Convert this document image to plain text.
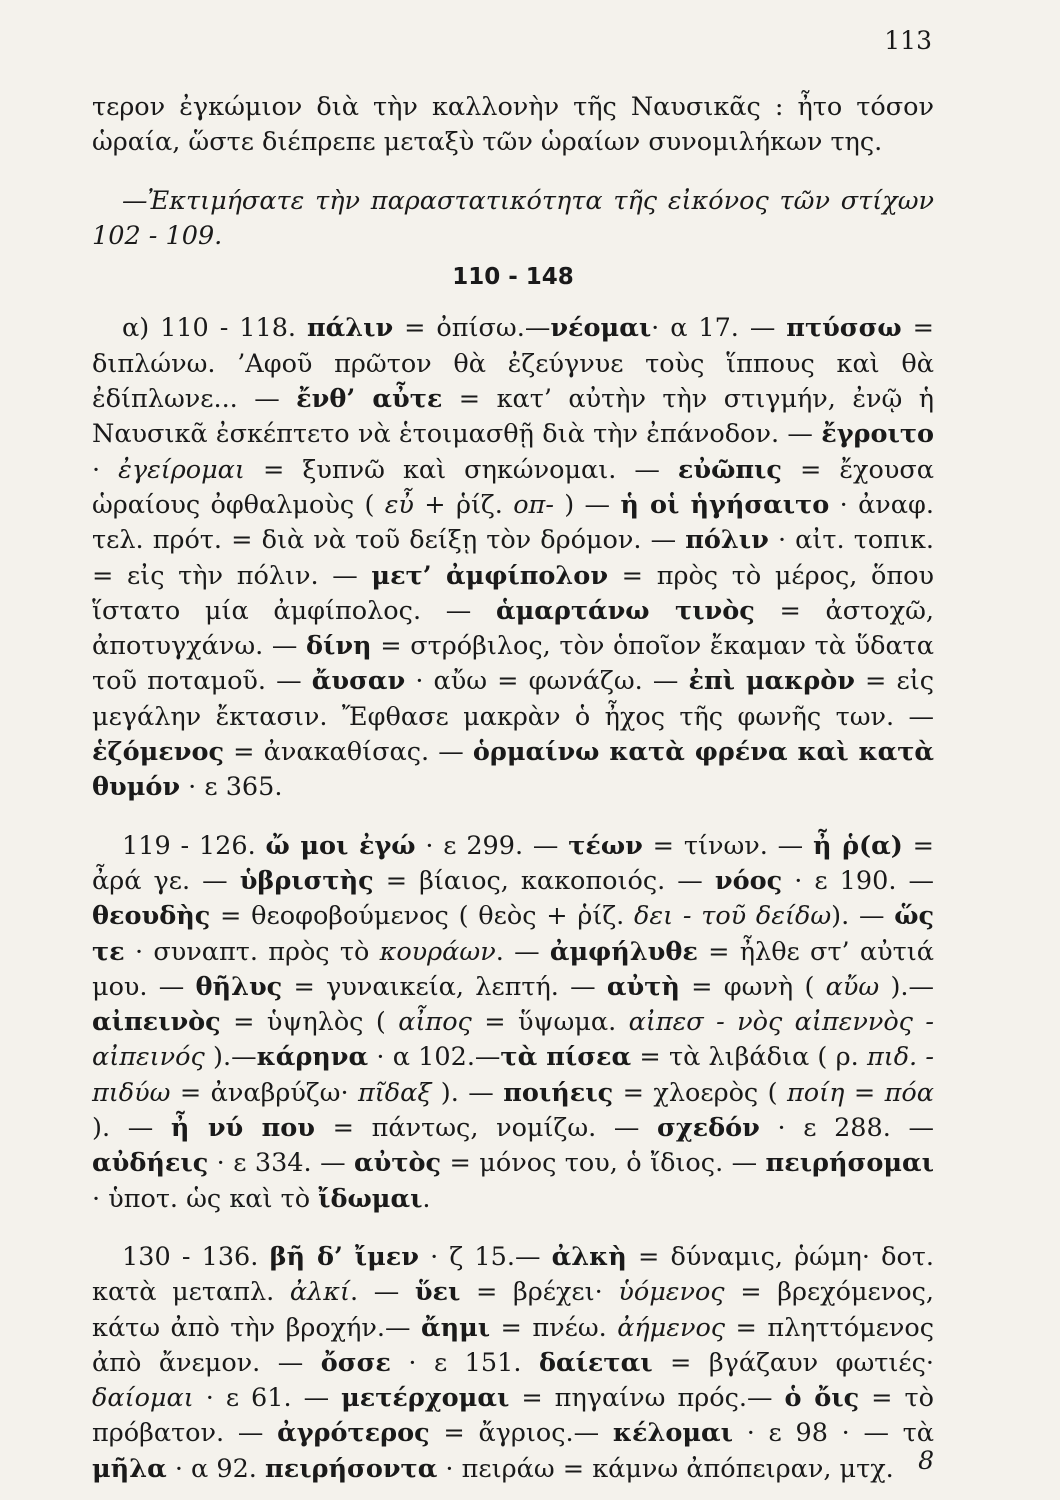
113

τερον ἐγκώμιον διὰ τὴν καλλονὴν τῆς Ναυσικᾶς : ἦτο τόσον ὡραία, ὥστε διέπρεπε μεταξὺ τῶν ὡραίων συνομιλήκων της.

—Ἐκτιμήσατε τὴν παραστατικότητα τῆς εἰκόνος τῶν στίχων 102 - 109.

110 - 148

α) 110 - 118. πάλιν = ὀπίσω.—νέομαι· α 17. — πτύσσω = διπλώνω. ’Αφοῦ πρῶτον θὰ ἐζεύγνυε τοὺς ἵππους καὶ θὰ ἐδίπλωνε... — ἔνθ’ αὖτε = κατ’ αὐτὴν τὴν στιγμήν, ἐνῷ ἡ Ναυσικᾶ ἐσκέπτετο νὰ ἑτοιμασθῇ διὰ τὴν ἐπάνοδον. — ἔγροιτο · ἐγείρομαι = ξυπνῶ καὶ σηκώνομαι. — εὐῶπις = ἔχουσα ὡραίους ὀφθαλμοὺς ( εὖ + ῥίζ. οπ- ) — ἡ οἱ ἡγήσαιτο · ἀναφ. τελ. πρότ. = διὰ νὰ τοῦ δείξῃ τὸν δρόμον. — πόλιν · αἰτ. τοπικ. = εἰς τὴν πόλιν. — μετ’ ἀμφίπολον = πρὸς τὸ μέρος, ὅπου ἵστατο μία ἀμφίπολος. — ἁμαρτάνω τινὸς = ἀστοχῶ, ἀποτυγχάνω. — δίνη = στρόβιλος, τὸν ὁποῖον ἔκαμαν τὰ ὕδατα τοῦ ποταμοῦ. — ἄυσαν · αὔω = φωνάζω. — ἐπὶ μακρὸν = εἰς μεγάλην ἔκτασιν. Ἔφθασε μακρὰν ὁ ἦχος τῆς φωνῆς των. — ἑζόμενος = ἀνακαθίσας. — ὁρμαίνω κατὰ φρένα καὶ κατὰ θυμόν · ε 365.

119 - 126. ὤ μοι ἐγώ · ε 299. — τέων = τίνων. — ἦ ῥ(α) = ἆρά γε. — ὑβριστὴς = βίαιος, κακοποιός. — νόος · ε 190. — θεουδὴς = θεοφοβούμενος ( θεὸς + ῥίζ. δει - τοῦ δείδω). — ὥς τε · συναπτ. πρὸς τὸ κουράων. — ἀμφήλυθε = ἦλθε στ’ αὐτιά μου. — θῆλυς = γυναικεία, λεπτή. — αὐτὴ = φωνὴ ( αὔω ).—αἰπεινὸς = ὑψηλὸς ( αἶπος = ὕψωμα. αἰπεσ - νὸς αἰπεννὸς - αἰπεινός ).—κάρηνα · α 102.—τὰ πίσεα = τὰ λιβάδια ( ρ. πιδ. - πιδύω = ἀναβρύζω· πῖδαξ ). — ποιήεις = χλοερὸς ( ποίη = πόα ). — ἦ νύ που = πάντως, νομίζω. — σχεδόν · ε 288. — αὐδήεις · ε 334. — αὐτὸς = μόνος του, ὁ ἴδιος. — πειρήσομαι · ὑποτ. ὡς καὶ τὸ ἴδωμαι.

130 - 136. βῆ δ’ ἴμεν · ζ 15.— ἀλκὴ = δύναμις, ῥώμη· δοτ. κατὰ μεταπλ. ἀλκί. — ὕει = βρέχει· ὑόμενος = βρεχόμενος, κάτω ἀπὸ τὴν βροχήν.— ἄημι = πνέω. ἀήμενος = πληττόμενος ἀπὸ ἄνεμον. — ὄσσε · ε 151. δαίεται = βγάζαυν φωτιές· δαίομαι · ε 61. — μετέρχομαι = πηγαίνω πρός.— ὁ ὄις = τὸ πρόβατον. — ἀγρότερος = ἄγριος.— κέλομαι · ε 98 · — τὰ μῆλα · α 92. πειρήσοντα · πειράω = κάμνω ἀπόπειραν, μτχ. 8
